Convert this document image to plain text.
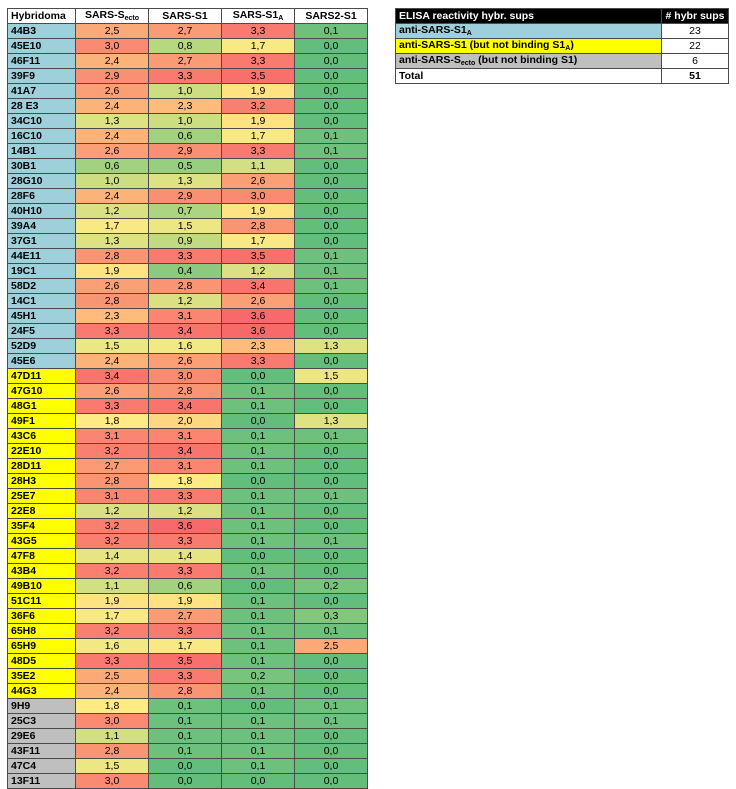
Hybridoma	SARS-$S_{ecto}$	SARS-S1	SARS-$S1_A$	SARS2-S1
44B3	2,5	2,7	3,3	0,1
45E10	3,0	0,8	1,7	0,0
46F11	2,4	2,7	3,3	0,0
39F9	2,9	3,3	3,5	0,0
41A7	2,6	1,0	1,9	0,0
28 E3	2,4	2,3	3,2	0,0
34C10	1,3	1,0	1,9	0,0
16C10	2,4	0,6	1,7	0,1
14B1	2,6	2,9	3,3	0,1
30B1	0,6	0,5	1,1	0,0
28G10	1,0	1,3	2,6	0,0
28F6	2,4	2,9	3,0	0,0
40H10	1,2	0,7	1,9	0,0
39A4	1,7	1,5	2,8	0,0
37G1	1,3	0,9	1,7	0,0
44E11	2,8	3,3	3,5	0,1
19C1	1,9	0,4	1,2	0,1
58D2	2,6	2,8	3,4	0,1
14C1	2,8	1,2	2,6	0,0
45H1	2,3	3,1	3,6	0,0
24F5	3,3	3,4	3,6	0,0
52D9	1,5	1,6	2,3	1,3
45E6	2,4	2,6	3,3	0,0
47D11	3,4	3,0	0,0	1,5
47G10	2,6	2,8	0,1	0,0
48G1	3,3	3,4	0,1	0,0
49F1	1,8	2,0	0,0	1,3
43C6	3,1	3,1	0,1	0,1
22E10	3,2	3,4	0,1	0,0
28D11	2,7	3,1	0,1	0,0
28H3	2,8	1,8	0,0	0,0
25E7	3,1	3,3	0,1	0,1
22E8	1,2	1,2	0,1	0,0
35F4	3,2	3,6	0,1	0,0
43G5	3,2	3,3	0,1	0,1
47F8	1,4	1,4	0,0	0,0
43B4	3,2	3,3	0,1	0,0
49B10	1,1	0,6	0,0	0,2
51C11	1,9	1,9	0,1	0,0
36F6	1,7	2,7	0,1	0,3
65H8	3,2	3,3	0,1	0,1
65H9	1,6	1,7	0,1	2,5
48D5	3,3	3,5	0,1	0,0
35E2	2,5	3,3	0,2	0,0
44G3	2,4	2,8	0,1	0,0
9H9	1,8	0,1	0,0	0,1
25C3	3,0	0,1	0,1	0,1
29E6	1,1	0,1	0,1	0,0
43F11	2,8	0,1	0,1	0,0
47C4	1,5	0,0	0,1	0,0
13F11	3,0	0,0	0,0	0,0
ELISA reactivity hybr. sups	# hybr sups
anti-$SARS-S1_A$	23
anti-SARS-S1 (but not binding $S1_A$)	22
anti-$SARS-S_{ecto}$ (but not binding S1)	6
Total	51
